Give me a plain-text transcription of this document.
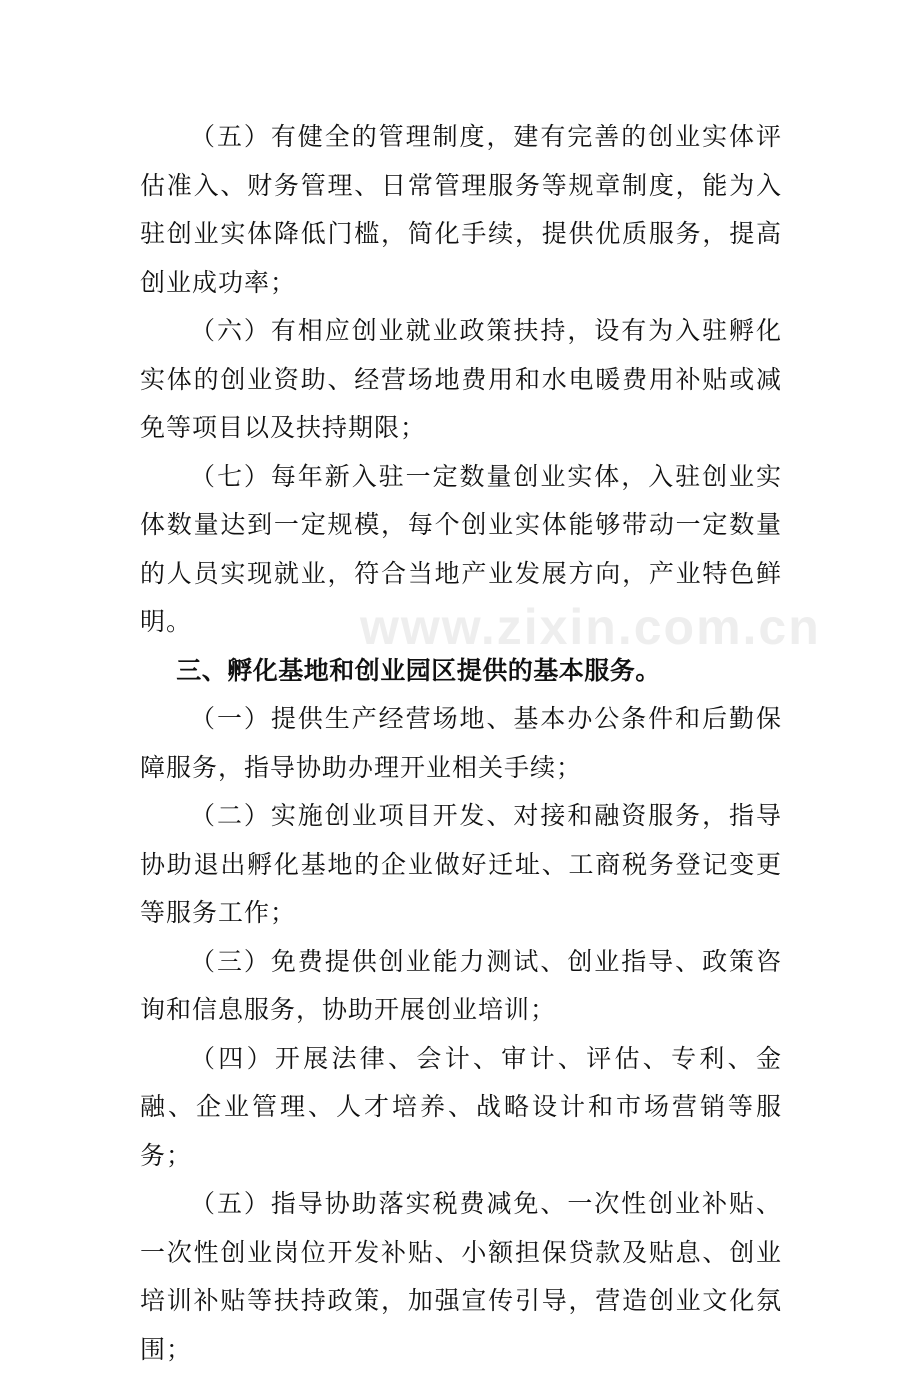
（五）有健全的管理制度，建有完善的创业实体评估准入、财务管理、日常管理服务等规章制度，能为入驻创业实体降低门槛，简化手续，提供优质服务，提高创业成功率；

（六）有相应创业就业政策扶持，设有为入驻孵化实体的创业资助、经营场地费用和水电暖费用补贴或减免等项目以及扶持期限；

（七）每年新入驻一定数量创业实体，入驻创业实体数量达到一定规模，每个创业实体能够带动一定数量的人员实现就业，符合当地产业发展方向，产业特色鲜明。

三、孵化基地和创业园区提供的基本服务。

（一）提供生产经营场地、基本办公条件和后勤保障服务，指导协助办理开业相关手续；

（二）实施创业项目开发、对接和融资服务，指导协助退出孵化基地的企业做好迁址、工商税务登记变更等服务工作；

（三）免费提供创业能力测试、创业指导、政策咨询和信息服务，协助开展创业培训；

（四）开展法律、会计、审计、评估、专利、金融、企业管理、人才培养、战略设计和市场营销等服务；

（五）指导协助落实税费减免、一次性创业补贴、一次性创业岗位开发补贴、小额担保贷款及贴息、创业培训补贴等扶持政策，加强宣传引导，营造创业文化氛围；

www.zixin.com.cn
